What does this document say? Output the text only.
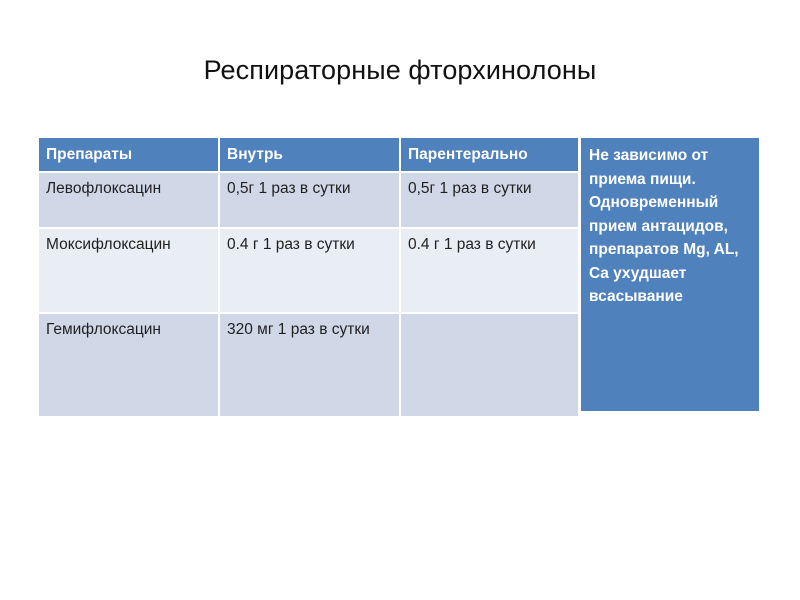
Респираторные фторхинолоны
Препараты	Внутрь	Парентерально
Левофлоксацин	0,5г 1 раз в сутки	0,5г 1 раз в сутки
Моксифлоксацин	0.4 г 1 раз в сутки	0.4 г 1 раз в сутки
Гемифлоксацин	320 мг 1 раз в сутки	
Не зависимо от приема пищи. Одновременный прием антацидов, препаратов Mg, AL, Ca ухудшает всасывание
